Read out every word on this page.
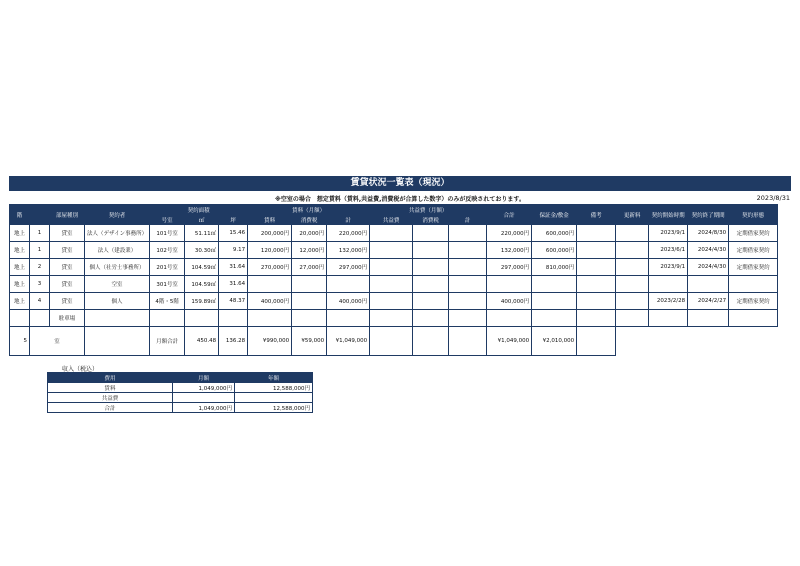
賃貸状況一覧表（現況）
※空室の場合　想定賃料（賃料,共益費,消費税が合算した数字）のみが反映されております。	2023/8/31
階		部屋種別	契約者	契約面積			賃料（月額）			共益費（月額）			合計	保証金/敷金	備考	更新料	契約開始時期	契約終了期間	契約形態
				号室	㎡	坪	賃料	消費税	計	共益費	消費税	計							
地上	1	貸室	法人（デザイン事務所）	101号室	51.11㎡	15.46	200,000円	20,000円	220,000円				220,000円	600,000円			2023/9/1	2024/8/30	定期借家契約
地上	1	貸室	法人（建設業）	102号室	30.30㎡	9.17	120,000円	12,000円	132,000円				132,000円	600,000円			2023/6/1	2024/4/30	定期借家契約
地上	2	貸室	個人（社労士事務所）	201号室	104.59㎡	31.64	270,000円	27,000円	297,000円				297,000円	810,000円			2023/9/1	2024/4/30	定期借家契約
地上	3	貸室	空室	301号室	104.59㎡	31.64													
地上	4	貸室	個人	4階・5階	159.89㎡	48.37	400,000円		400,000円				400,000円				2023/2/28	2024/2/27	定期借家契約
		駐車場																	
5	室			月額合計	450.48	136.28	¥990,000	¥59,000	¥1,049,000				¥1,049,000	¥2,010,000					
収入（税込）
費用	月額	年額
賃料	1,049,000円	12,588,000円
共益費		
合計	1,049,000円	12,588,000円
